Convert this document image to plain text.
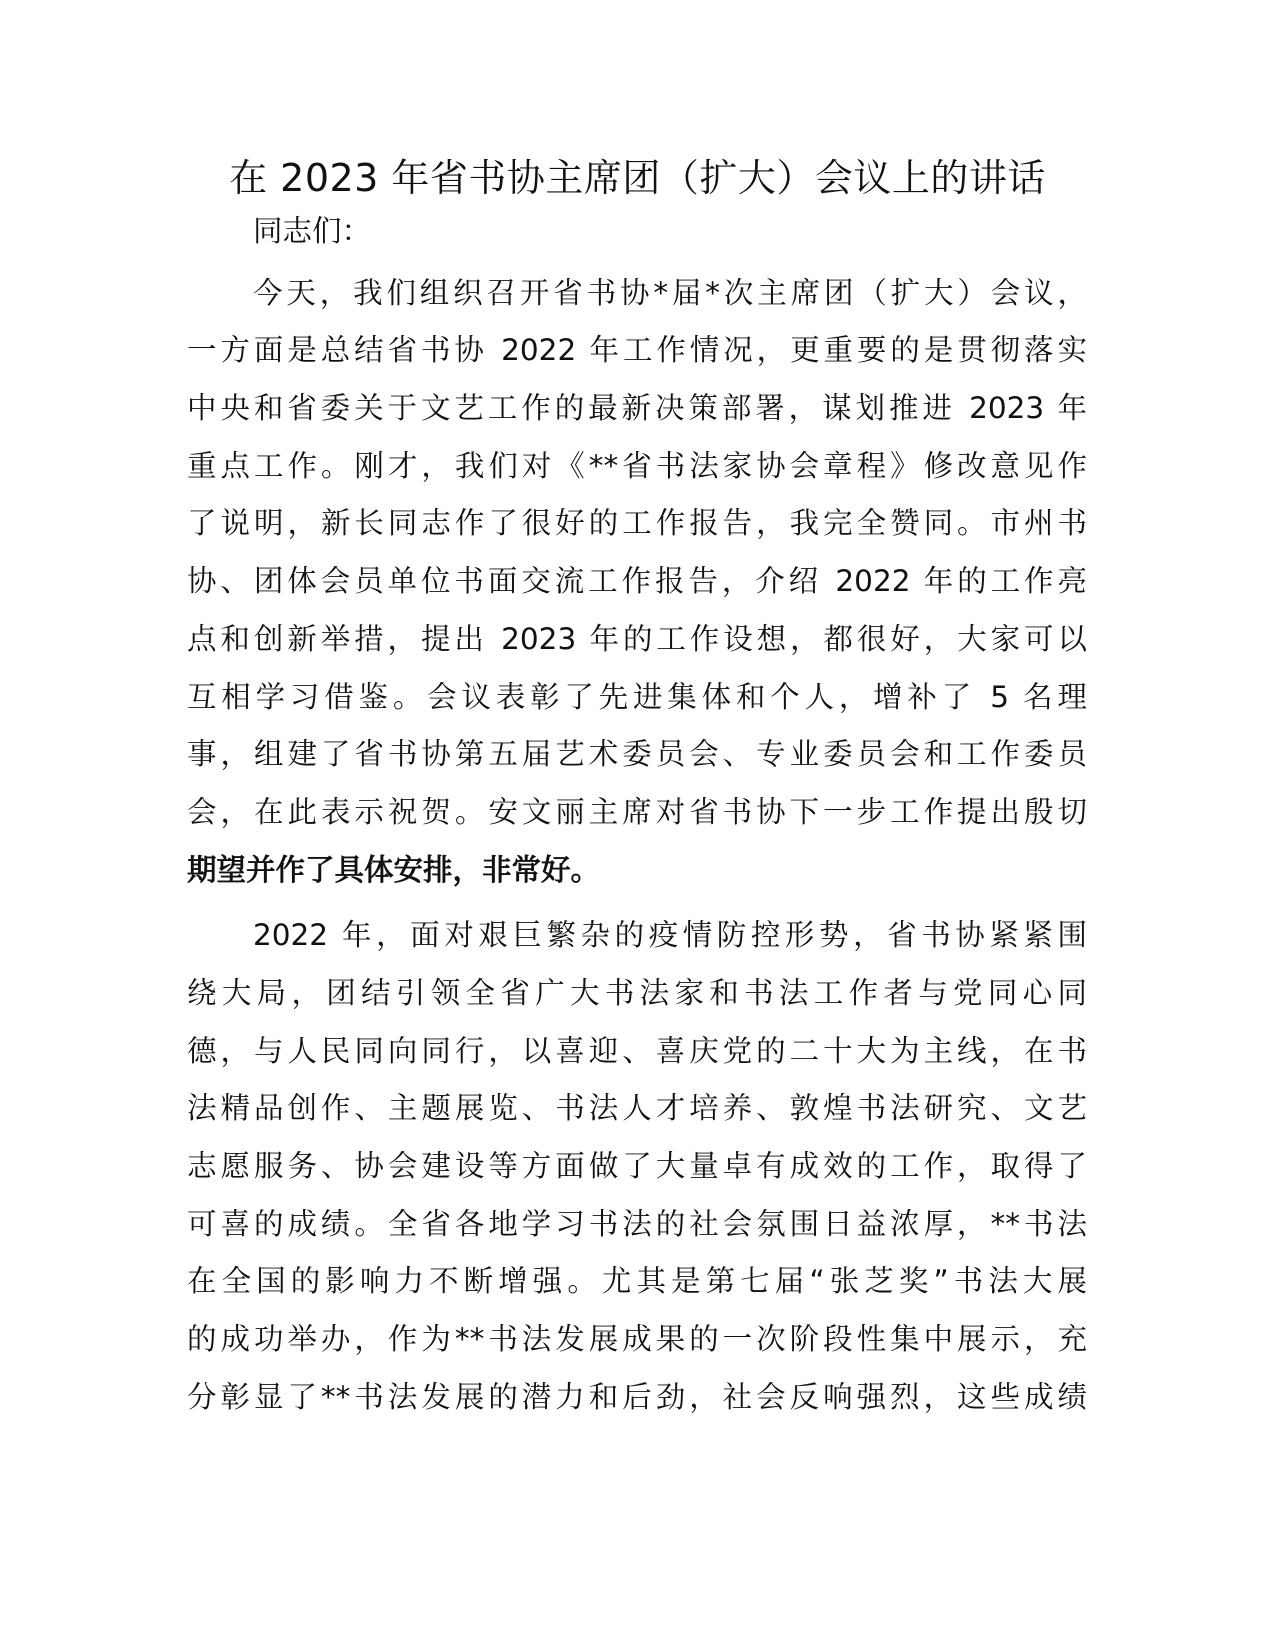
在 2023 年省书协主席团（扩大）会议上的讲话
同志们：
今天，我们组织召开省书协*届*次主席团（扩大）会议，
一方面是总结省书协 2022 年工作情况，更重要的是贯彻落实
中央和省委关于文艺工作的最新决策部署，谋划推进 2023 年
重点工作。刚才，我们对《**省书法家协会章程》修改意见作
了说明，新长同志作了很好的工作报告，我完全赞同。市州书
协、团体会员单位书面交流工作报告，介绍 2022 年的工作亮
点和创新举措，提出 2023 年的工作设想，都很好，大家可以
互相学习借鉴。会议表彰了先进集体和个人，增补了 5 名理
事，组建了省书协第五届艺术委员会、专业委员会和工作委员
会，在此表示祝贺。安文丽主席对省书协下一步工作提出殷切
期望并作了具体安排，非常好。
2022 年，面对艰巨繁杂的疫情防控形势，省书协紧紧围
绕大局，团结引领全省广大书法家和书法工作者与党同心同
德，与人民同向同行，以喜迎、喜庆党的二十大为主线，在书
法精品创作、主题展览、书法人才培养、敦煌书法研究、文艺
志愿服务、协会建设等方面做了大量卓有成效的工作，取得了
可喜的成绩。全省各地学习书法的社会氛围日益浓厚，**书法
在全国的影响力不断增强。尤其是第七届“张芝奖”书法大展
的成功举办，作为**书法发展成果的一次阶段性集中展示，充
分彰显了**书法发展的潜力和后劲，社会反响强烈，这些成绩
